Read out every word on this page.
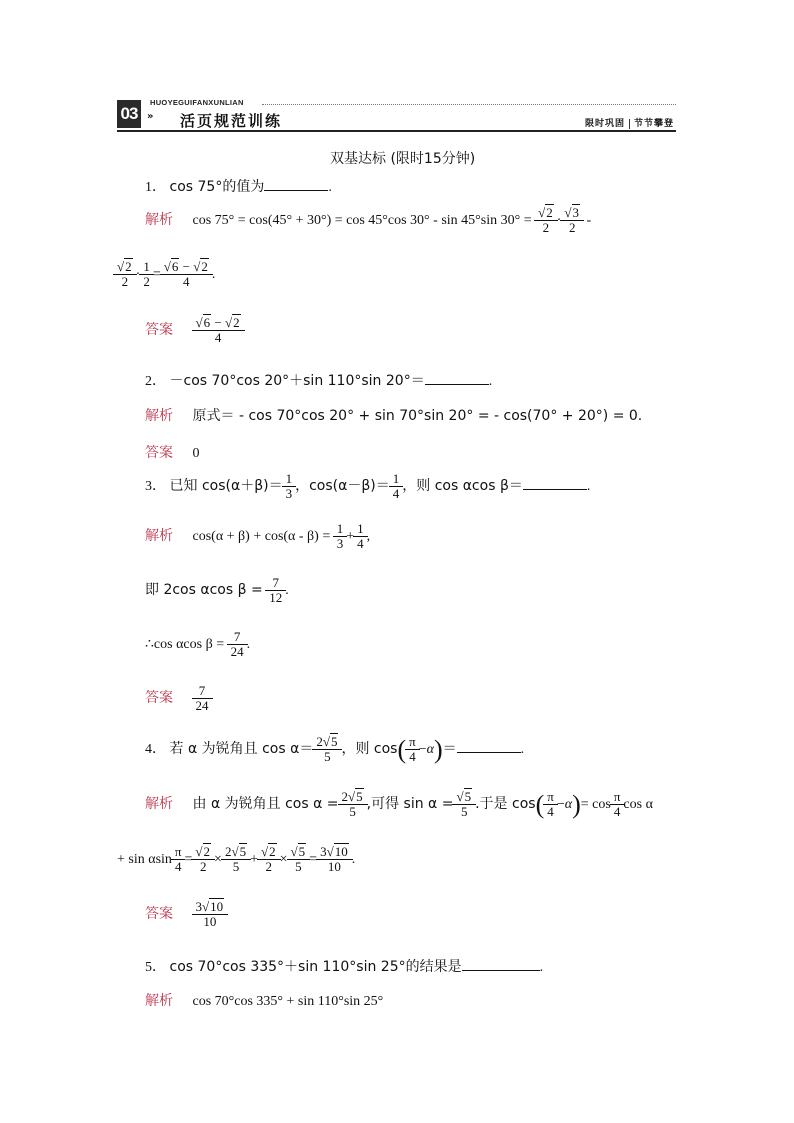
03
HUOYEGUIFANXUNLIAN
» 活页规范训练	限时巩固 节节攀登
双基达标 (限时15分钟)
1． cos 75°的值为	.
解析 cos 75° = cos(45° + 30°) = cos 45°cos 30° - sin 45°sin $30^\circ = \frac{√2}{2} \cdot \frac{√3}{2}$ -
$\frac{√2}{2} \cdot \frac{1}{2} = \frac{√6 - √2}{4}$ .
答案 $\frac{√6 - √2}{4}$
2． －cos 70°cos 20°＋sin 110°sin 20°＝	.
解析 原式＝ - cos 70°cos 20° + sin 70°sin 20° = - cos(70° + 20°) = 0.
答案 0
3． 已知 $\cos(\alpha+\beta)= \frac{1}{3}$ ，$\cos(\alpha-\beta)= \frac{1}{4}$ ，则 cos αcos β＝	.
解析 $\cos(\alpha + \beta) + \cos(\alpha - \beta) = \frac{1}{3} + \frac{1}{4}$ ,
即 2cos αcos $\beta = \frac{7}{12}$ .
∴cos αcos $\beta = \frac{7}{24}$ .
答案 $\frac{7}{24}$
4． 若 α 为锐角且 $\cos \alpha= \frac{2√5}{5}$ ，则 $\cos( \frac{\pi}{4} -\alpha)=$	.
解析 由 α 为锐角且 $\cos \alpha = \frac{2√5}{5}$ ,可得 $\sin \alpha = \frac{√5}{5}$ .于是 $\cos( \frac{\pi}{4} -\alpha)= \cos \frac{\pi}{4}$ cos α
+ sin αsin $\frac{\pi}{4} = \frac{√2}{2} \times \frac{2√5}{5} + \frac{√2}{2} \times \frac{√5}{5} = \frac{3√10}{10}$ .
答案 $\frac{3√10}{10}$
5． cos 70°cos 335°＋sin 110°sin 25°的结果是	.
解析 cos 70°cos 335° + sin 110°sin 25°
